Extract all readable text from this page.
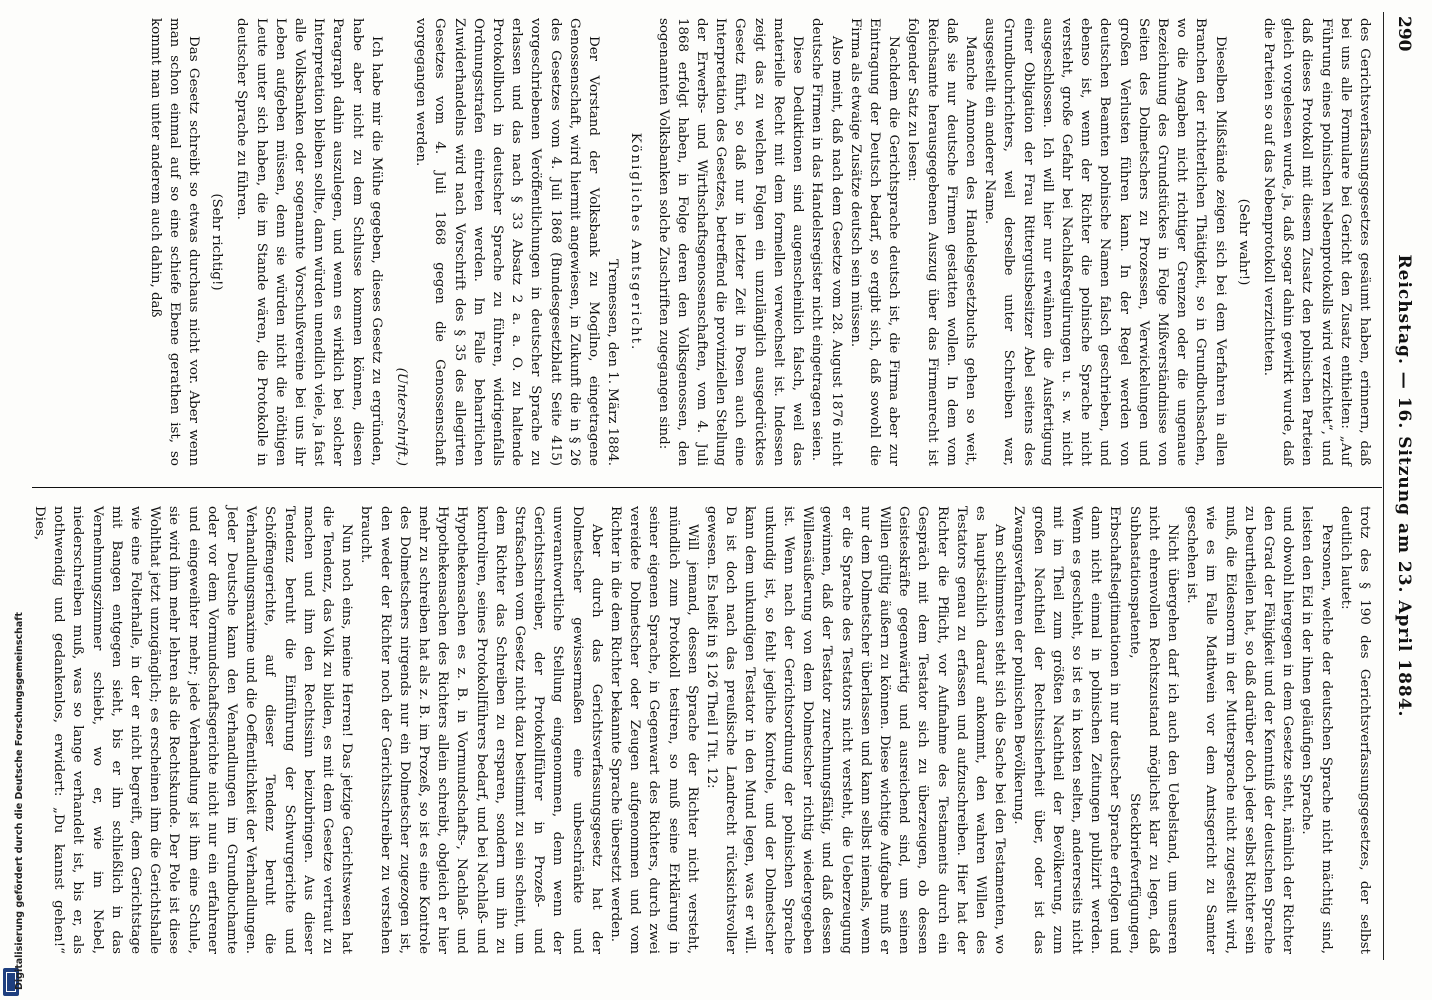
290
Reichstag. — 16. Sitzung am 23. April 1884.

des Gerichtsverfassungsgesetzes gesäumt haben, erinnern, daß bei uns alle Formulare bei Gericht den Zusatz enthielten: „Auf Führung eines polnischen Nebenprotokolls wird verzichtet“, und daß dieses Protokoll mit diesem Zusatz den polnischen Parteien gleich vorgelesen wurde, ja, daß sogar dahin gewirkt wurde, daß die Parteien so auf das Nebenprotokoll verzichteten.

(Sehr wahr!)

Dieselben Mißstände zeigen sich bei dem Verfahren in allen Branchen der richterlichen Thätigkeit, so in Grundbuchsachen, wo die Angaben nicht richtiger Grenzen oder die ungenaue Bezeichnung des Grundstückes in Folge Mißverständnisse von Seiten des Dolmetschers zu Prozessen, Verwickelungen und großen Verlusten führen kann. In der Regel werden von deutschen Beamten polnische Namen falsch geschrieben, und ebenso ist, wenn der Richter die polnische Sprache nicht versteht, große Gefahr bei Nachlaßregulirungen u. s. w. nicht ausgeschlossen. Ich will hier nur erwähnen die Ausfertigung einer Obligation der Frau Rittergutsbesitzer Abel seitens des Grundbuchrichters, weil derselbe unter Schreiben war, ausgestellt ein anderer Name.

Manche Annoncen des Handelsgesetzbuchs gehen so weit, daß sie nur deutsche Firmen gestatten wollen. In dem vom Reichsamte herausgegebenen Auszug über das Firmenrecht ist folgender Satz zu lesen:

Nachdem die Gerichtsprache deutsch ist, die Firma aber zur Eintragung der Deutsch bedarf, so ergibt sich, daß sowohl die Firma als etwaige Zusätze deutsch sein müssen.

Also meint, daß nach dem Gesetze vom 28. August 1876 nicht deutsche Firmen in das Handelsregister nicht eingetragen seien.

Diese Deduktionen sind augenscheinlich falsch, weil das materielle Recht mit dem formellen verwechselt ist. Indessen zeigt das zu welchen Folgen ein unzulänglich ausgedrücktes Gesetz führt, so daß nur in letzter Zeit in Posen auch eine Interpretation des Gesetzes, betreffend die provinziellen Stellung der Erwerbs- und Wirthschaftsgenossenschaften, vom 4. Juli 1868 erfolgt haben, in Folge deren den Volksgenossen, den sogenannten Volksbanken solche Zuschriften zugegangen sind:

Königliches Amtsgericht.

Tremessen, den 1. März 1884.

Der Vorstand der Volksbank zu Mogilno, eingetragene Genossenschaft, wird hiermit angewiesen, in Zukunft die in § 26 des Gesetzes vom 4. Juli 1868 (Bundesgesetzblatt Seite 415) vorgeschriebenen Veröffentlichungen in deutscher Sprache zu erlassen und das nach § 33 Absatz 2 a. a. O. zu haltende Protokollbuch in deutscher Sprache zu führen, widrigenfalls Ordnungsstrafen eintreten werden. Im Falle beharrlichen Zuwiderhandelns wird nach Vorschrift des § 35 des allegirten Gesetzes vom 4. Juli 1868 gegen die Genossenschaft vorgegangen werden.

(Unterschrift.)

Ich habe mir die Mühe gegeben, dieses Gesetz zu ergründen, habe aber nicht zu dem Schlusse kommen können, diesen Paragraph dahin auszulegen, und wenn es wirklich bei solcher Interpretation bleiben sollte, dann würden unendlich viele, ja fast alle Volksbanken oder sogenannte Vorschußvereine bei uns ihr Leben aufgeben müssen, denn sie würden nicht die nöthigen Leute unter sich haben, die im Stande wären, die Protokolle in deutscher Sprache zu führen.

(Sehr richtig!)

Das Gesetz schreibt so etwas durchaus nicht vor. Aber wenn man schon einmal auf so eine schiefe Ebene gerathen ist, so kommt man unter anderem auch dahin, daß

trotz des § 190 des Gerichtsverfassungsgesetzes, der selbst deutlich lautet:

Personen, welche der deutschen Sprache nicht mächtig sind, leisten den Eid in der ihnen geläufigen Sprache.

und obwohl hiergegen in dem Gesetze steht, nämlich der Richter den Grad der Fähigkeit und der Kenntniß der deutschen Sprache zu beurtheilen hat, so daß darüber doch jeder selbst Richter sein muß, die Eidesnorm in der Muttersprache nicht zugestellt wird, wie es im Falle Mathwein vor dem Amtsgericht zu Samter geschehen ist.

Nicht übergehen darf ich auch den Uebelstand, um unseren nicht ehrenvollen Rechtszustand möglichst klar zu legen, daß Subhastationspatente, Steckbriefverfügungen, Erbschaftslegitimationen in nur deutscher Sprache erfolgen und dann nicht einmal in polnischen Zeitungen publizirt werden. Wenn es geschieht, so ist es in kosten selten, andererseits nicht mit im Theil zum größten Nachtheil der Bevölkerung, zum großen Nachtheil der Rechtssicherheit über, oder ist das Zwangsverfahren der polnischen Bevölkerung.

Am schlimmsten steht sich die Sache bei den Testamenten, wo es hauptsächlich darauf ankommt, den wahren Willen des Testators genau zu erfassen und aufzuschreiben. Hier hat der Richter die Pflicht, vor Aufnahme des Testaments durch ein Gespräch mit dem Testator sich zu überzeugen, ob dessen Geisteskräfte gegenwärtig und ausreichend sind, um seinen Willen gültig äußern zu können. Diese wichtige Aufgabe muß er nur dem Dolmetscher überlassen und kann selbst niemals, wenn er die Sprache des Testators nicht versteht, die Ueberzeugung gewinnen, daß der Testator zurechnungsfähig, und daß dessen Willensäußerung von dem Dolmetscher richtig wiedergegeben ist. Wenn nach der Gerichtsordnung der polnischen Sprache unkundig ist, so fehlt jegliche Kontrole, und der Dolmetscher kann dem unkundigen Testator in den Mund legen, was er will. Da ist doch nach das preußische Landrecht rücksichtsvoller gewesen. Es heißt in § 126 Theil I Tit. 12:

Will jemand, dessen Sprache der Richter nicht versteht, mündlich zum Protokoll testiren, so muß seine Erklärung in seiner eigenen Sprache, in Gegenwart des Richters, durch zwei vereidete Dolmetscher oder Zeugen aufgenommen und vom Richter in die dem Richter bekannte Sprache übersetzt werden.

Aber durch das Gerichtsverfassungsgesetz hat der Dolmetscher gewissermaßen eine unbeschränkte und unverantwortliche Stellung eingenommen, denn wenn der Gerichtsschreiber, der Protokollführer in Prozeß- und Strafsachen vom Gesetz nicht dazu bestimmt zu sein scheint, um dem Richter das Schreiben zu ersparen, sondern um ihn zu kontroliren, seines Protokollführers bedarf, und bei Nachlaß- und Hypothekensachen es z. B. in Vormundschafts-, Nachlaß- und Hypothekensachen des Richters allein schreibt, obgleich er hier mehr zu schreiben hat als z. B. im Prozeß, so ist es eine Kontrole des Dolmetschers nirgends nur ein Dolmetscher zugezogen ist, den weder der Richter noch der Gerichtsschreiber zu verstehen braucht.

Nun noch eins, meine Herren! Das jetzige Gerichtswesen hat die Tendenz, das Volk zu bilden, es mit dem Gesetze vertraut zu machen und ihm den Rechtssinn beizubringen. Aus dieser Tendenz beruht die Einführung der Schwurgerichte und Schöffengerichte, auf dieser Tendenz beruht die Verhandlungsmaxime und die Oeffentlichkeit der Verhandlungen. Jeder Deutsche kann den Verhandlungen im Grundbuchamte oder vor dem Vormundschaftsgerichte nicht nur ein erfahrener und eingeweihter mehr; jede Verhandlung ist ihm eine Schule, sie wird ihm mehr lehren als die Rechtskunde. Der Pole ist diese Wohlthat jetzt unzugänglich; es erscheinen ihm die Gerichtshalle wie eine Folterhalle, in der er nicht begreift, dem Gerichtstage mit Bangen entgegen sieht, bis er ihn schließlich in das Vernehmungszimmer schiebt, wo er, wie im Nebel, niederschreiben muß, was so lange verhandelt ist, bis er, als nothwendig und gedankenlos, erwidert: „Du kannst gehen!“ Dies,

Digitalisierung gefördert durch die Deutsche Forschungsgemeinschaft
